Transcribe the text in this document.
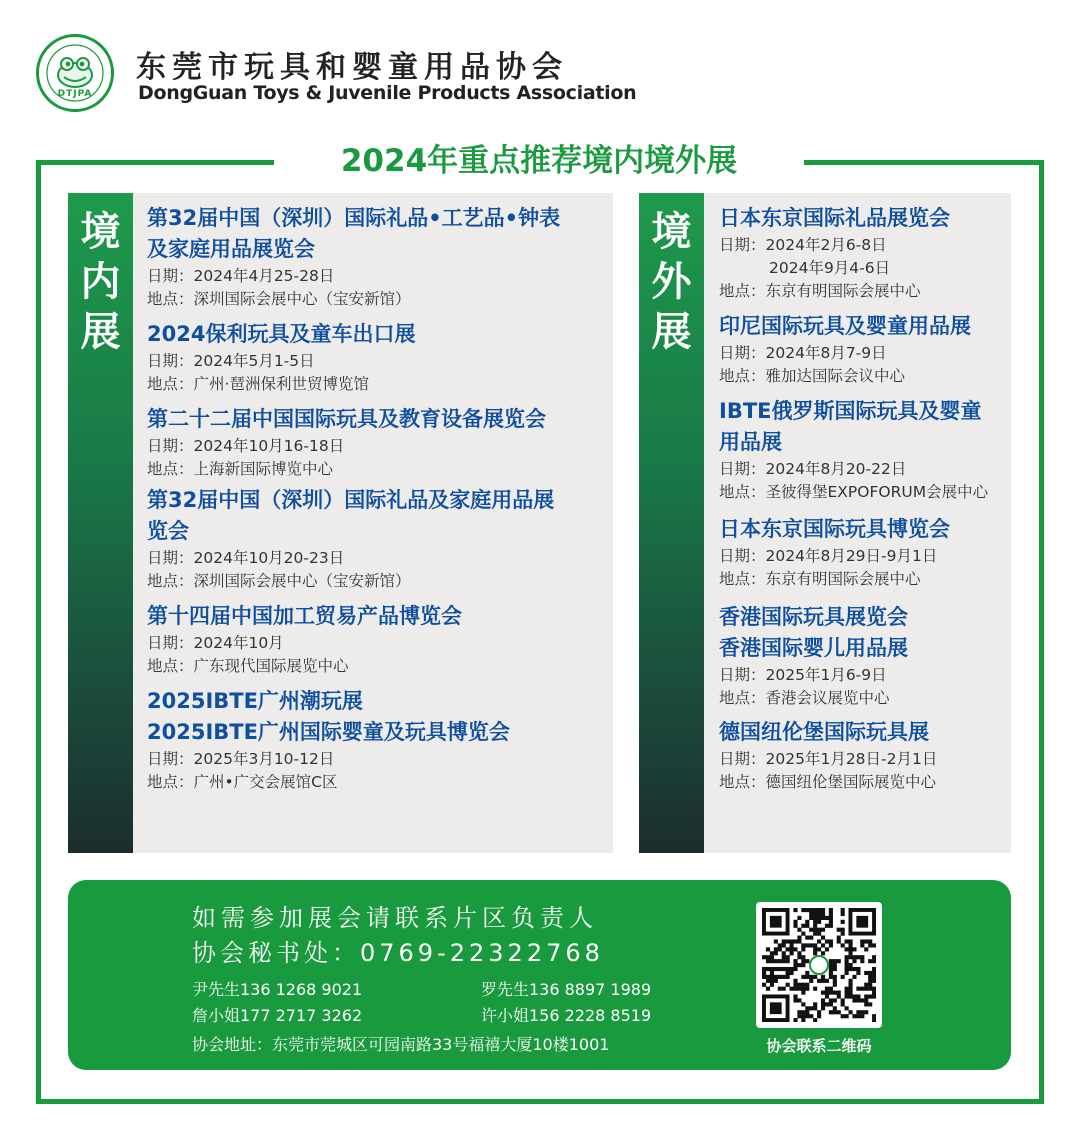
DTJPA
东莞市玩具和婴童用品协会
DongGuan Toys & Juvenile Products Association
2024年重点推荐境内境外展
境
内
展
第32届中国（深圳）国际礼品•工艺品•钟表
及家庭用品展览会
日期：2024年4月25-28日
地点：深圳国际会展中心（宝安新馆）
2024保利玩具及童车出口展
日期：2024年5月1-5日
地点：广州·琶洲保利世贸博览馆
第二十二届中国国际玩具及教育设备展览会
日期：2024年10月16-18日
地点：上海新国际博览中心
第32届中国（深圳）国际礼品及家庭用品展
览会
日期：2024年10月20-23日
地点：深圳国际会展中心（宝安新馆）
第十四届中国加工贸易产品博览会
日期：2024年10月
地点：广东现代国际展览中心
2025IBTE广州潮玩展
2025IBTE广州国际婴童及玩具博览会
日期：2025年3月10-12日
地点：广州•广交会展馆C区
境
外
展
日本东京国际礼品展览会
日期：2024年2月6-8日
2024年9月4-6日
地点：东京有明国际会展中心
印尼国际玩具及婴童用品展
日期：2024年8月7-9日
地点：雅加达国际会议中心
IBTE俄罗斯国际玩具及婴童
用品展
日期：2024年8月20-22日
地点：圣彼得堡EXPOFORUM会展中心
日本东京国际玩具博览会
日期：2024年8月29日-9月1日
地点：东京有明国际会展中心
香港国际玩具展览会
香港国际婴儿用品展
日期：2025年1月6-9日
地点：香港会议展览中心
德国纽伦堡国际玩具展
日期：2025年1月28日-2月1日
地点：德国纽伦堡国际展览中心
如需参加展会请联系片区负责人
协会秘书处：0769-22322768
尹先生136 1268 9021	罗先生136 8897 1989
詹小姐177 2717 3262	许小姐156 2228 8519
协会地址：东莞市莞城区可园南路33号福禧大厦10楼1001	协会联系二维码
